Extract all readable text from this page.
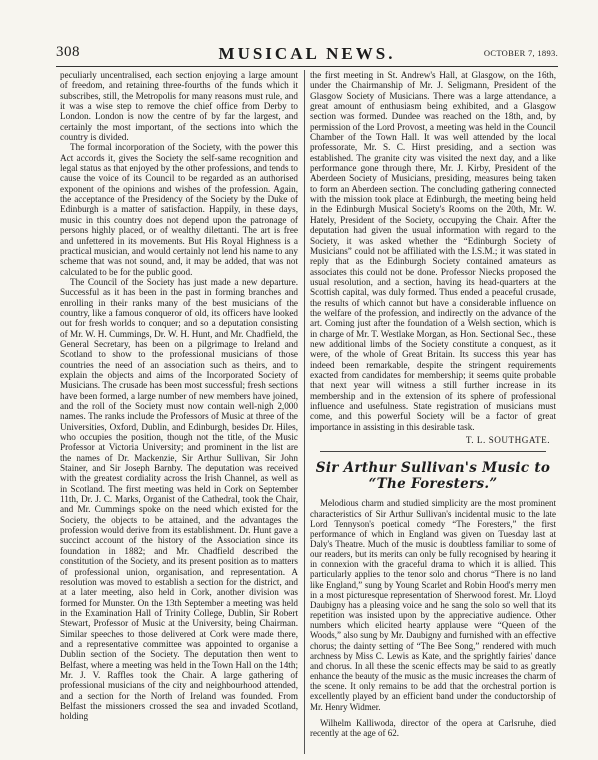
308	MUSICAL NEWS.	OCTOBER 7, 1893.

peculiarly uncentralised, each section enjoying a large amount of freedom, and retaining three-fourths of the funds which it subscribes, still, the Metropolis for many reasons must rule, and it was a wise step to remove the chief office from Derby to London. London is now the centre of by far the largest, and certainly the most important, of the sections into which the country is divided.

The formal incorporation of the Society, with the power this Act accords it, gives the Society the self-same recognition and legal status as that enjoyed by the other professions, and tends to cause the voice of its Council to be regarded as an authorised exponent of the opinions and wishes of the profession. Again, the acceptance of the Presidency of the Society by the Duke of Edinburgh is a matter of satisfaction. Happily, in these days, music in this country does not depend upon the patronage of persons highly placed, or of wealthy dilettanti. The art is free and unfettered in its movements. But His Royal Highness is a practical musician, and would certainly not lend his name to any scheme that was not sound, and, it may be added, that was not calculated to be for the public good.

The Council of the Society has just made a new departure. Successful as it has been in the past in forming branches and enrolling in their ranks many of the best musicians of the country, like a famous conqueror of old, its officers have looked out for fresh worlds to conquer; and so a deputation consisting of Mr. W. H. Cummings, Dr. W. H. Hunt, and Mr. Chadfield, the General Secretary, has been on a pilgrimage to Ireland and Scotland to show to the professional musicians of those countries the need of an association such as theirs, and to explain the objects and aims of the Incorporated Society of Musicians. The crusade has been most successful; fresh sections have been formed, a large number of new members have joined, and the roll of the Society must now contain well-nigh 2,000 names. The ranks include the Professors of Music at three of the Universities, Oxford, Dublin, and Edinburgh, besides Dr. Hiles, who occupies the position, though not the title, of the Music Professor at Victoria University; and prominent in the list are the names of Dr. Mackenzie, Sir Arthur Sullivan, Sir John Stainer, and Sir Joseph Barnby. The deputation was received with the greatest cordiality across the Irish Channel, as well as in Scotland. The first meeting was held in Cork on September 11th, Dr. J. C. Marks, Organist of the Cathedral, took the Chair, and Mr. Cummings spoke on the need which existed for the Society, the objects to be attained, and the advantages the profession would derive from its establishment. Dr. Hunt gave a succinct account of the history of the Association since its foundation in 1882; and Mr. Chadfield described the constitution of the Society, and its present position as to matters of professional union, organisation, and representation. A resolution was moved to establish a section for the district, and at a later meeting, also held in Cork, another division was formed for Munster. On the 13th September a meeting was held in the Examination Hall of Trinity College, Dublin, Sir Robert Stewart, Professor of Music at the University, being Chairman. Similar speeches to those delivered at Cork were made there, and a representative committee was appointed to organise a Dublin section of the Society. The deputation then went to Belfast, where a meeting was held in the Town Hall on the 14th; Mr. J. V. Raffles took the Chair. A large gathering of professional musicians of the city and neighbourhood attended, and a section for the North of Ireland was founded. From Belfast the missioners crossed the sea and invaded Scotland, holding

the first meeting in St. Andrew's Hall, at Glasgow, on the 16th, under the Chairmanship of Mr. J. Seligmann, President of the Glasgow Society of Musicians. There was a large attendance, a great amount of enthusiasm being exhibited, and a Glasgow section was formed. Dundee was reached on the 18th, and, by permission of the Lord Provost, a meeting was held in the Council Chamber of the Town Hall. It was well attended by the local professorate, Mr. S. C. Hirst presiding, and a section was established. The granite city was visited the next day, and a like performance gone through there, Mr. J. Kirby, President of the Aberdeen Society of Musicians, presiding, measures being taken to form an Aberdeen section. The concluding gathering connected with the mission took place at Edinburgh, the meeting being held in the Edinburgh Musical Society's Rooms on the 20th, Mr. W. Hately, President of the Society, occupying the Chair. After the deputation had given the usual information with regard to the Society, it was asked whether the “Edinburgh Society of Musicians” could not be affiliated with the I.S.M.; it was stated in reply that as the Edinburgh Society contained amateurs as associates this could not be done. Professor Niecks proposed the usual resolution, and a section, having its head-quarters at the Scottish capital, was duly formed. Thus ended a peaceful crusade, the results of which cannot but have a considerable influence on the welfare of the profession, and indirectly on the advance of the art. Coming just after the foundation of a Welsh section, which is in charge of Mr. T. Westlake Morgan, as Hon. Sectional Sec., these new additional limbs of the Society constitute a conquest, as it were, of the whole of Great Britain. Its success this year has indeed been remarkable, despite the stringent requirements exacted from candidates for membership; it seems quite probable that next year will witness a still further increase in its membership and in the extension of its sphere of professional influence and usefulness. State registration of musicians must come, and this powerful Society will be a factor of great importance in assisting in this desirable task.

T. L. SOUTHGATE.

Sir Arthur Sullivan's Music to
“The Foresters.”

Melodious charm and studied simplicity are the most prominent characteristics of Sir Arthur Sullivan's incidental music to the late Lord Tennyson's poetical comedy “The Foresters,” the first performance of which in England was given on Tuesday last at Daly's Theatre. Much of the music is doubtless familiar to some of our readers, but its merits can only be fully recognised by hearing it in connexion with the graceful drama to which it is allied. This particularly applies to the tenor solo and chorus “There is no land like England,” sung by Young Scarlet and Robin Hood's merry men in a most picturesque representation of Sherwood forest. Mr. Lloyd Daubigny has a pleasing voice and he sang the solo so well that its repetition was insisted upon by the appreciative audience. Other numbers which elicited hearty applause were “Queen of the Woods,” also sung by Mr. Daubigny and furnished with an effective chorus; the dainty setting of “The Bee Song,” rendered with much archness by Miss C. Lewis as Kate, and the sprightly fairies' dance and chorus. In all these the scenic effects may be said to as greatly enhance the beauty of the music as the music increases the charm of the scene. It only remains to be add that the orchestral portion is excellently played by an efficient band under the conductorship of Mr. Henry Widmer.

Wilhelm Kalliwoda, director of the opera at Carlsruhe, died recently at the age of 62.
